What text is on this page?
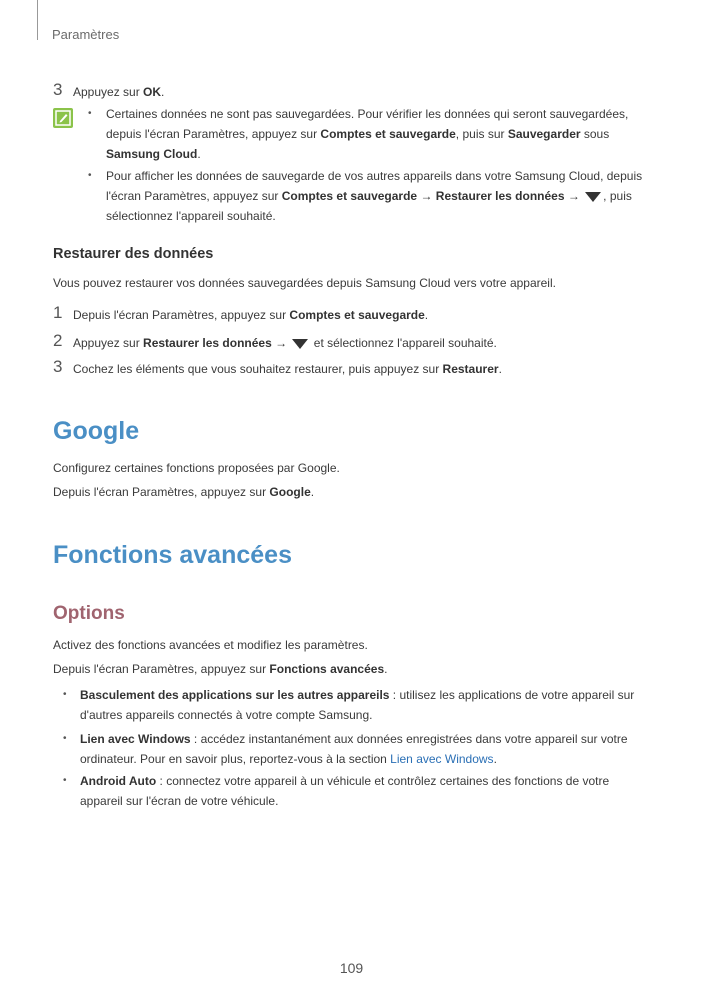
Paramètres
3 Appuyez sur OK.
• Certaines données ne sont pas sauvegardées. Pour vérifier les données qui seront sauvegardées, depuis l'écran Paramètres, appuyez sur Comptes et sauvegarde, puis sur Sauvegarder sous Samsung Cloud.
• Pour afficher les données de sauvegarde de vos autres appareils dans votre Samsung Cloud, depuis l'écran Paramètres, appuyez sur Comptes et sauvegarde → Restaurer les données → , puis sélectionnez l'appareil souhaité.
Restaurer des données
Vous pouvez restaurer vos données sauvegardées depuis Samsung Cloud vers votre appareil.
1 Depuis l'écran Paramètres, appuyez sur Comptes et sauvegarde.
2 Appuyez sur Restaurer les données →  et sélectionnez l'appareil souhaité.
3 Cochez les éléments que vous souhaitez restaurer, puis appuyez sur Restaurer.
Google
Configurez certaines fonctions proposées par Google.
Depuis l'écran Paramètres, appuyez sur Google.
Fonctions avancées
Options
Activez des fonctions avancées et modifiez les paramètres.
Depuis l'écran Paramètres, appuyez sur Fonctions avancées.
• Basculement des applications sur les autres appareils : utilisez les applications de votre appareil sur d'autres appareils connectés à votre compte Samsung.
• Lien avec Windows : accédez instantanément aux données enregistrées dans votre appareil sur votre ordinateur. Pour en savoir plus, reportez-vous à la section Lien avec Windows.
• Android Auto : connectez votre appareil à un véhicule et contrôlez certaines des fonctions de votre appareil sur l'écran de votre véhicule.
109
